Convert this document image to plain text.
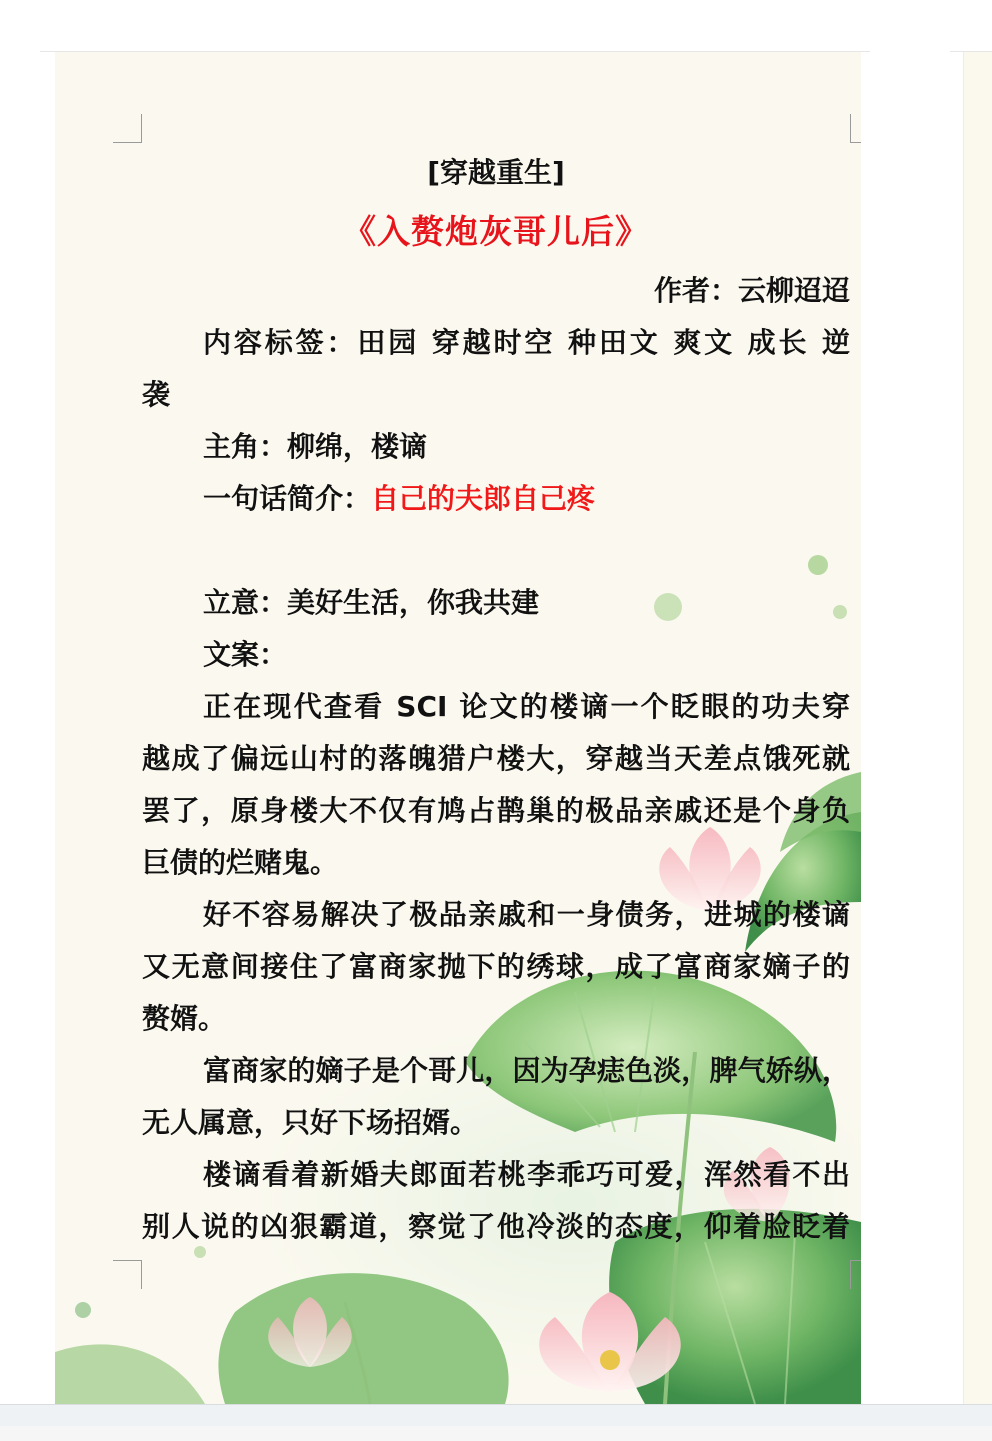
[穿越重生]
《入赘炮灰哥儿后》
作者：云柳迢迢
内容标签：田园 穿越时空 种田文 爽文 成长 逆
袭
主角：柳绵，楼谪
一句话简介：自己的夫郎自己疼
立意：美好生活，你我共建
文案：
正在现代查看 SCI 论文的楼谪一个眨眼的功夫穿
越成了偏远山村的落魄猎户楼大，穿越当天差点饿死就
罢了，原身楼大不仅有鸠占鹊巢的极品亲戚还是个身负
巨债的烂赌鬼。
好不容易解决了极品亲戚和一身债务，进城的楼谪
又无意间接住了富商家抛下的绣球，成了富商家嫡子的
赘婿。
富商家的嫡子是个哥儿，因为孕痣色淡，脾气娇纵，
无人属意，只好下场招婿。
楼谪看着新婚夫郎面若桃李乖巧可爱，浑然看不出
别人说的凶狠霸道，察觉了他冷淡的态度，仰着脸眨着
